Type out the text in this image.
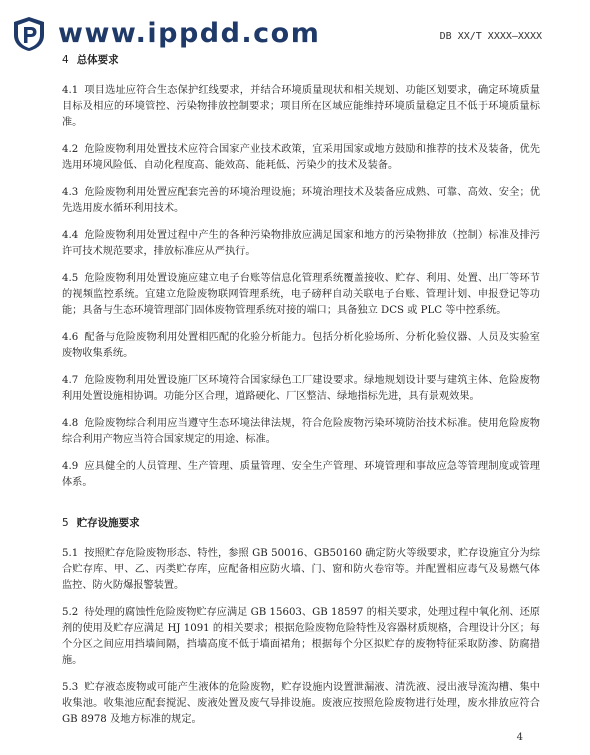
www.ippdd.com	DB XX/T XXXX—XXXX
4 总体要求

4.1 项目选址应符合生态保护红线要求，并结合环境质量现状和相关规划、功能区划要求，确定环境质量目标及相应的环境管控、污染物排放控制要求；项目所在区域应能维持环境质量稳定且不低于环境质量标准。

4.2 危险废物利用处置技术应符合国家产业技术政策，宜采用国家或地方鼓励和推荐的技术及装备，优先选用环境风险低、自动化程度高、能效高、能耗低、污染少的技术及装备。

4.3 危险废物利用处置应配套完善的环境治理设施；环境治理技术及装备应成熟、可靠、高效、安全；优先选用废水循环利用技术。

4.4 危险废物利用处置过程中产生的各种污染物排放应满足国家和地方的污染物排放（控制）标准及排污许可技术规范要求，排放标准应从严执行。

4.5 危险废物利用处置设施应建立电子台账等信息化管理系统覆盖接收、贮存、利用、处置、出厂等环节的视频监控系统。宜建立危险废物联网管理系统，电子磅秤自动关联电子台账、管理计划、申报登记等功能；具备与生态环境管理部门固体废物管理系统对接的端口；具备独立 DCS 或 PLC 等中控系统。

4.6 配备与危险废物利用处置相匹配的化验分析能力。包括分析化验场所、分析化验仪器、人员及实验室废物收集系统。

4.7 危险废物利用处置设施厂区环境符合国家绿色工厂建设要求。绿地规划设计要与建筑主体、危险废物利用处置设施相协调。功能分区合理，道路硬化、厂区整洁、绿地指标先进，具有景观效果。

4.8 危险废物综合利用应当遵守生态环境法律法规，符合危险废物污染环境防治技术标准。使用危险废物综合利用产物应当符合国家规定的用途、标准。

4.9 应具健全的人员管理、生产管理、质量管理、安全生产管理、环境管理和事故应急等管理制度或管理体系。

5 贮存设施要求

5.1 按照贮存危险废物形态、特性，参照 GB 50016、GB50160 确定防火等级要求，贮存设施宜分为综合贮存库、甲、乙、丙类贮存库，应配备相应防火墙、门、窗和防火卷帘等。并配置相应毒气及易燃气体监控、防火防爆报警装置。

5.2 待处理的腐蚀性危险废物贮存应满足 GB 15603、GB 18597 的相关要求，处理过程中氧化剂、还原剂的使用及贮存应满足 HJ 1091 的相关要求；根据危险废物危险特性及容器材质规格，合理设计分区；每个分区之间应用挡墙间隔，挡墙高度不低于墙面裙角；根据每个分区拟贮存的废物特征采取防渗、防腐措施。

5.3 贮存液态废物或可能产生液体的危险废物，贮存设施内设置泄漏液、清洗液、浸出液导流沟槽、集中收集池。收集池应配套搅泥、废液处置及废气导排设施。废液应按照危险废物进行处理，废水排放应符合 GB 8978 及地方标准的规定。

4
